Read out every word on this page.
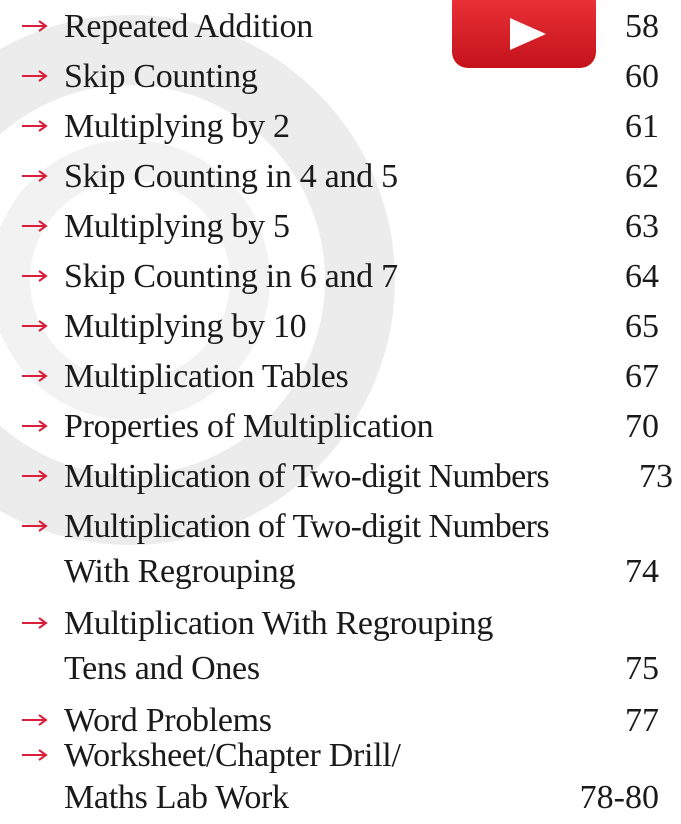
Repeated Addition	58
Skip Counting	60
Multiplying by 2	61
Skip Counting in 4 and 5	62
Multiplying by 5	63
Skip Counting in 6 and 7	64
Multiplying by 10	65
Multiplication Tables	67
Properties of Multiplication	70
Multiplication of Two-digit Numbers	73
Multiplication of Two-digit Numbers
With Regrouping	74
Multiplication With Regrouping
Tens and Ones	75
Word Problems	77
Worksheet/Chapter Drill/
Maths Lab Work	78-80
